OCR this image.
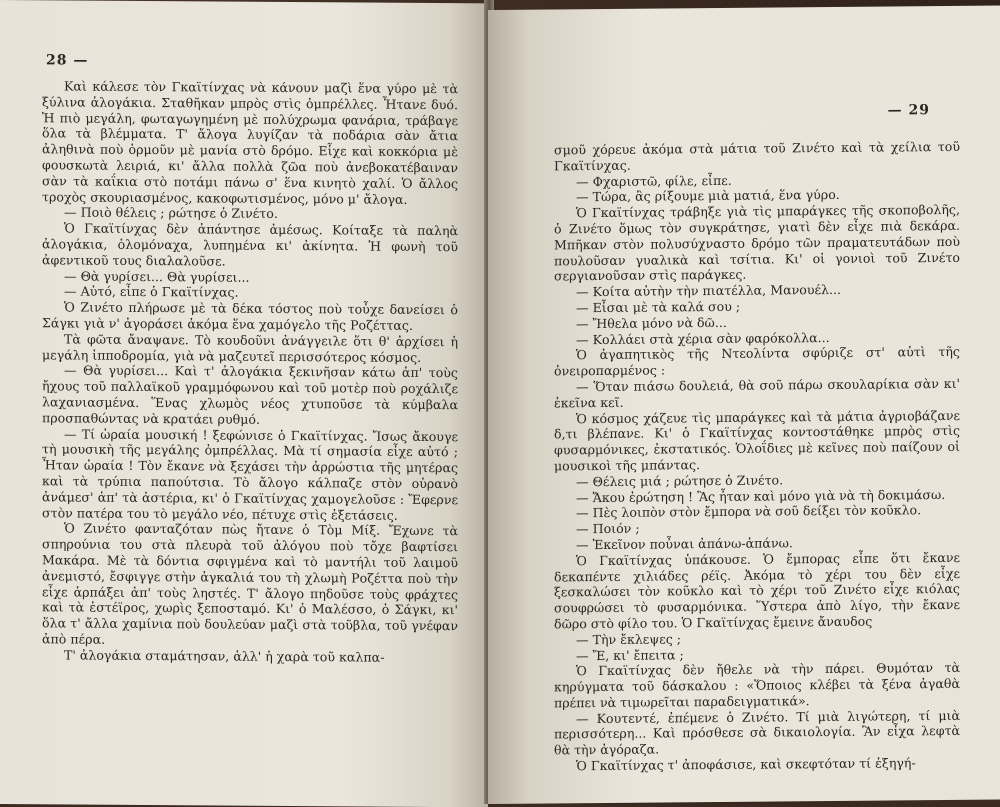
28 —

Καὶ κάλεσε τὸν Γκαϊτίνχας νὰ κάνουν μαζὶ ἕνα γύρο μὲ τὰ ξύλινα ἀλογάκια. Σταθῆκαν μπρὸς στὶς ὀμπρέλλες. Ἦτανε δυό. Ἡ πιὸ μεγάλη, φωταγωγημένη μὲ πολύχρωμα φανάρια, τράβαγε ὅλα τὰ βλέμματα. Τ' ἄλογα λυγίζαν τὰ ποδάρια σὰν ἄτια ἀληθινὰ ποὺ ὁρμοῦν μὲ μανία στὸ δρόμο. Εἶχε καὶ κοκκόρια μὲ φουσκωτὰ λειριά, κι' ἄλλα πολλὰ ζῶα ποὺ ἀνεβοκατέβαιναν σὰν τὰ καΐκια στὸ ποτάμι πάνω σ' ἕνα κινητὸ χαλί. Ὁ ἄλλος τροχὸς σκουριασμένος, κακοφωτισμένος, μόνο μ' ἄλογα.

— Ποιὸ θέλεις ; ρώτησε ὁ Ζινέτο.

Ὁ Γκαϊτίνχας δὲν ἀπάντησε ἀμέσως. Κοίταξε τὰ παληὰ ἀλογάκια, ὁλομόναχα, λυπημένα κι' ἀκίνητα. Ἡ φωνὴ τοῦ ἀφεντικοῦ τους διαλαλοῦσε.

— Θὰ γυρίσει... Θὰ γυρίσει...

— Αὐτό, εἶπε ὁ Γκαϊτίνχας.

Ὁ Ζινέτο πλήρωσε μὲ τὰ δέκα τόστος ποὺ τοὖχε δανείσει ὁ Σάγκι γιὰ ν' ἀγοράσει ἀκόμα ἕνα χαμόγελο τῆς Ροζέττας.

Τὰ φῶτα ἄναψανε. Τὸ κουδοῦνι ἀνάγγειλε ὅτι θ' ἀρχίσει ἡ μεγάλη ἱπποδρομία, γιὰ νὰ μαζευτεῖ περισσότερος κόσμος.

— Θὰ γυρίσει... Καὶ τ' ἀλογάκια ξεκινῆσαν κάτω ἀπ' τοὺς ἤχους τοῦ παλλαϊκοῦ γραμμόφωνου καὶ τοῦ μοτὲρ ποὺ ροχάλιζε λαχανιασμένα. Ἕνας χλωμὸς νέος χτυποῦσε τὰ κύμβαλα προσπαθώντας νὰ κρατάει ρυθμό.

— Τί ὡραία μουσική ! ξεφώνισε ὁ Γκαϊτίνχας. Ἴσως ἄκουγε τὴ μουσικὴ τῆς μεγάλης ὀμπρέλλας. Μὰ τί σημασία εἶχε αὐτό ; Ἦταν ὡραία ! Τὸν ἔκανε νὰ ξεχάσει τὴν ἀρρώστια τῆς μητέρας καὶ τὰ τρύπια παπούτσια. Τὸ ἄλογο κάλπαζε στὸν οὐρανὸ ἀνάμεσ' ἀπ' τὰ ἀστέρια, κι' ὁ Γκαϊτίνχας χαμογελοῦσε : Ἔφερνε στὸν πατέρα του τὸ μεγάλο νέο, πέτυχε στὶς ἐξετάσεις.

Ὁ Ζινέτο φανταζόταν πὼς ἤτανε ὁ Τὸμ Μίξ. Ἔχωνε τὰ σπηρούνια του στὰ πλευρὰ τοῦ ἀλόγου ποὺ τὄχε βαφτίσει Μακάρα. Μὲ τὰ δόντια σφιγμένα καὶ τὸ μαντήλι τοῦ λαιμοῦ ἀνεμιστό, ἔσφιγγε στὴν ἀγκαλιά του τὴ χλωμὴ Ροζέττα ποὺ τὴν εἶχε ἁρπάξει ἀπ' τοὺς ληστές. Τ' ἄλογο πηδοῦσε τοὺς φράχτες καὶ τὰ ἐστέϊρος, χωρὶς ξεποσταμό. Κι' ὁ Μαλέσσο, ὁ Σάγκι, κι' ὅλα τ' ἄλλα χαμίνια ποὺ δουλεύαν μαζὶ στὰ τοῦβλα, τοῦ γνέφαν ἀπὸ πέρα.

Τ' ἀλογάκια σταμάτησαν, ἀλλ' ἡ χαρὰ τοῦ καλπα-

— 29

σμοῦ χόρευε ἀκόμα στὰ μάτια τοῦ Ζινέτο καὶ τὰ χείλια τοῦ Γκαϊτίνχας.

— Φχαριστῶ, φίλε, εἶπε.

— Τώρα, ἂς ρίξουμε μιὰ ματιά, ἕνα γύρο.

Ὁ Γκαϊτίνχας τράβηξε γιὰ τὶς μπαράγκες τῆς σκοποβολῆς, ὁ Ζινέτο ὅμως τὸν συγκράτησε, γιατὶ δὲν εἶχε πιὰ δεκάρα. Μπῆκαν στὸν πολυσύχναστο δρόμο τῶν πραματευτάδων ποὺ πουλοῦσαν γυαλικὰ καὶ τσίτια. Κι' οἱ γονιοὶ τοῦ Ζινέτο σεργιανοῦσαν στὶς παράγκες.

— Κοίτα αὐτὴν τὴν πιατέλλα, Μανουέλ...

— Εἶσαι μὲ τὰ καλά σου ;

— Ἤθελα μόνο νὰ δῶ...

— Κολλάει στὰ χέρια σὰν φαρόκολλα...

Ὁ ἀγαπητικὸς τῆς Ντεολίντα σφύριζε στ' αὐτὶ τῆς ὀνειροπαρμένος :

— Ὅταν πιάσω δουλειά, θὰ σοῦ πάρω σκουλαρίκια σὰν κι' ἐκεῖνα κεῖ.

Ὁ κόσμος χάζευε τὶς μπαράγκες καὶ τὰ μάτια ἀγριοβάζανε δ,τι βλέπανε. Κι' ὁ Γκαϊτίνχας κοντοστάθηκε μπρὸς στὶς φυσαρμόνικες, ἐκστατικός. Ὁλοΐδιες μὲ κεῖνες ποὺ παίζουν οἱ μουσικοὶ τῆς μπάντας.

— Θέλεις μιά ; ρώτησε ὁ Ζινέτο.

— Ἄκου ἐρώτηση ! Ἂς ἦταν καὶ μόνο γιὰ νὰ τὴ δοκιμάσω.

— Πὲς λοιπὸν στὸν ἔμπορα νὰ σοῦ δείξει τὸν κοῦκλο.

— Ποιόν ;

— Ἐκεῖνον ποὖναι ἀπάνω-ἀπάνω.

Ὁ Γκαϊτίνχας ὑπάκουσε. Ὁ ἔμπορας εἶπε ὅτι ἔκανε δεκαπέντε χιλιάδες ρέϊς. Ἀκόμα τὸ χέρι του δὲν εἶχε ξεσκαλώσει τὸν κοῦκλο καὶ τὸ χέρι τοῦ Ζινέτο εἶχε κιόλας σουφρώσει τὸ φυσαρμόνικα. Ὕστερα ἀπὸ λίγο, τὴν ἔκανε δῶρο στὸ φίλο του. Ὁ Γκαϊτίνχας ἔμεινε ἄναυδος

— Τὴν ἔκλεψες ;

— Ἔ, κι' ἔπειτα ;

Ὁ Γκαϊτίνχας δὲν ἤθελε νὰ τὴν πάρει. Θυμόταν τὰ κηρύγματα τοῦ δάσκαλου : «Ὅποιος κλέβει τὰ ξένα ἀγαθὰ πρέπει νὰ τιμωρεῖται παραδειγματικά».

— Κουτεντέ, ἐπέμενε ὁ Ζινέτο. Τί μιὰ λιγώτερη, τί μιὰ περισσότερη... Καὶ πρόσθεσε σὰ δικαιολογία. Ἂν εἶχα λεφτὰ θὰ τὴν ἀγόραζα.

Ὁ Γκαϊτίνχας τ' ἀποφάσισε, καὶ σκεφτόταν τί ἐξηγή-
